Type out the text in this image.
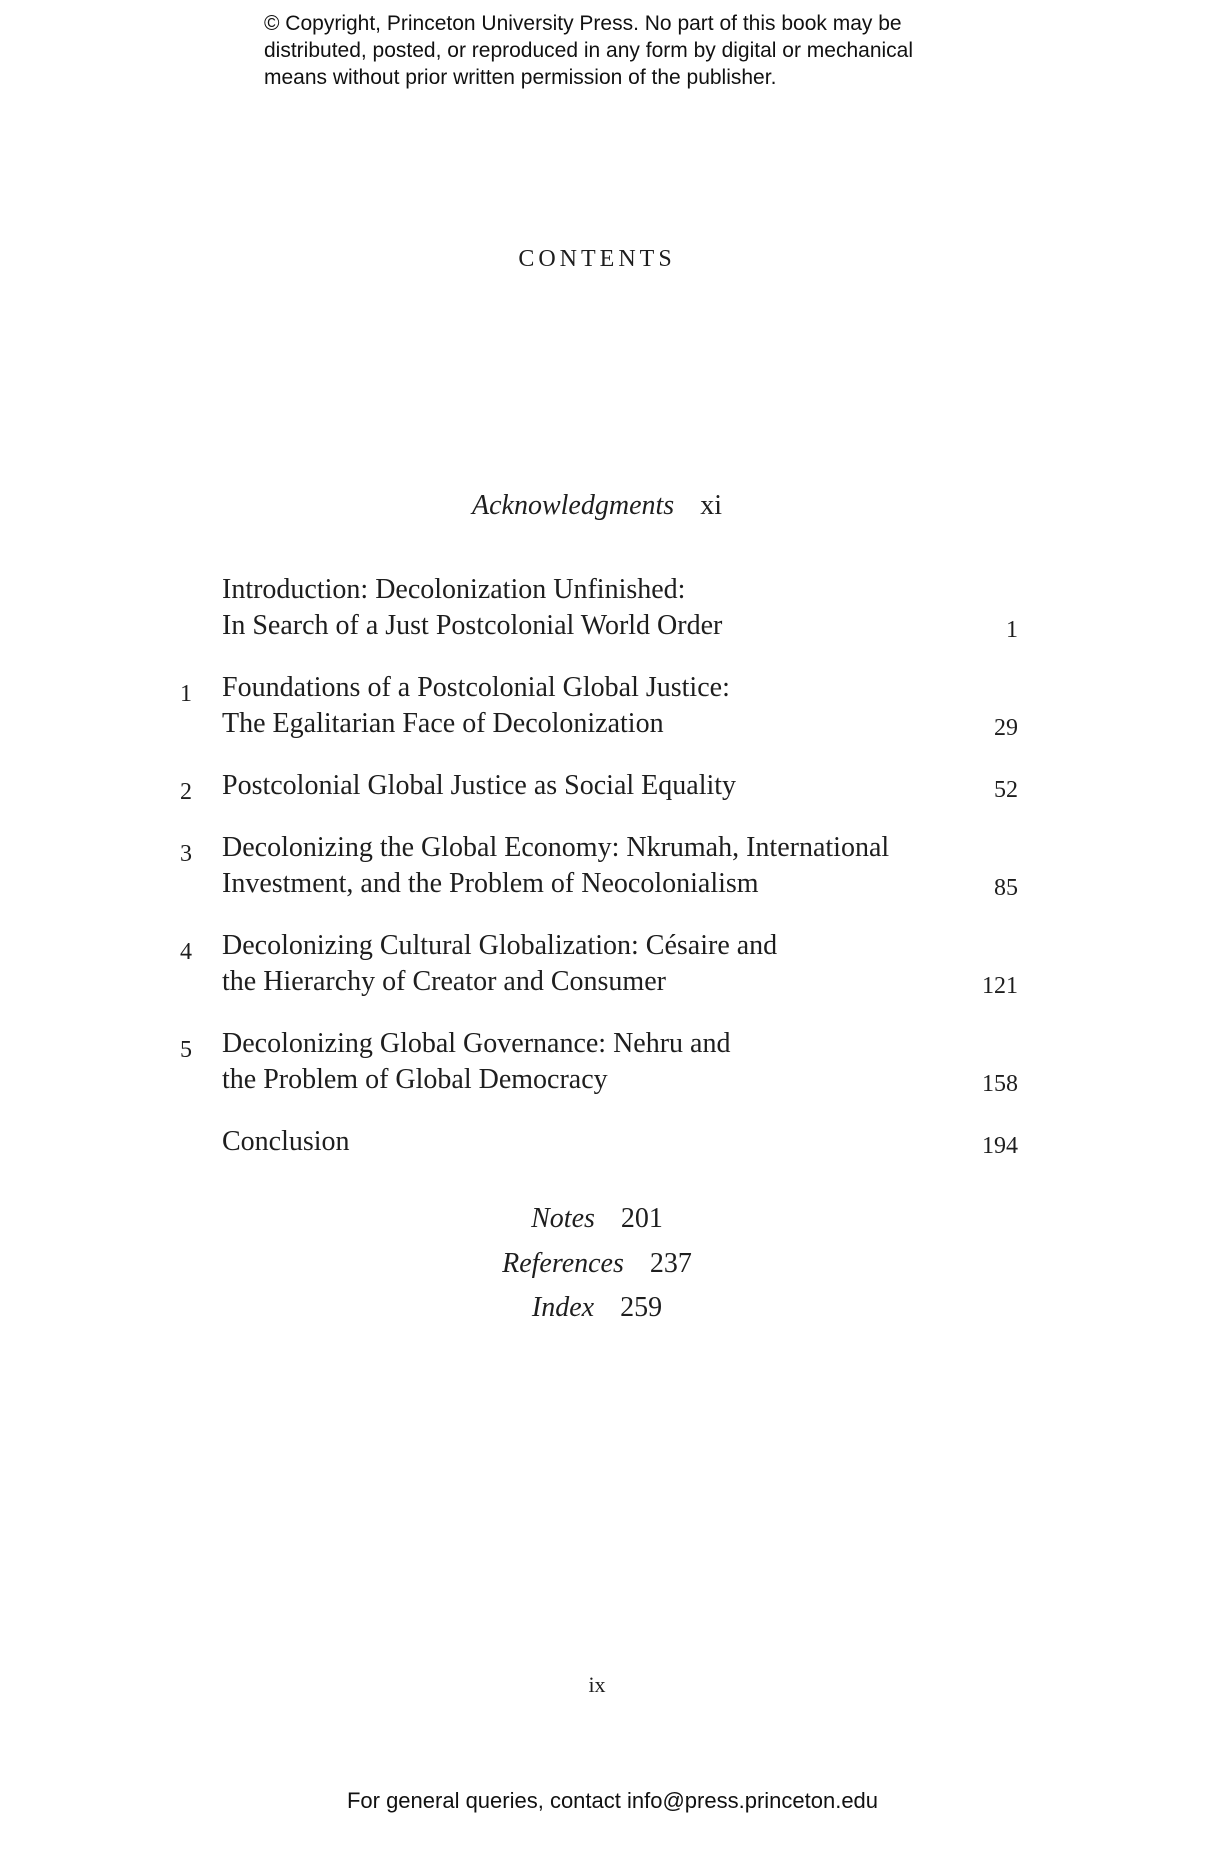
© Copyright, Princeton University Press. No part of this book may be
distributed, posted, or reproduced in any form by digital or mechanical
means without prior written permission of the publisher.
CONTENTS
Acknowledgments xi
Introduction: Decolonization Unfinished:
In Search of a Just Postcolonial World Order	1
1	Foundations of a Postcolonial Global Justice:
The Egalitarian Face of Decolonization	29
2	Postcolonial Global Justice as Social Equality	52
3	Decolonizing the Global Economy: Nkrumah, International
Investment, and the Problem of Neocolonialism	85
4	Decolonizing Cultural Globalization: Césaire and
the Hierarchy of Creator and Consumer	121
5	Decolonizing Global Governance: Nehru and
the Problem of Global Democracy	158
Conclusion	194
Notes 201
References 237
Index 259
ix
For general queries, contact info@press.princeton.edu
